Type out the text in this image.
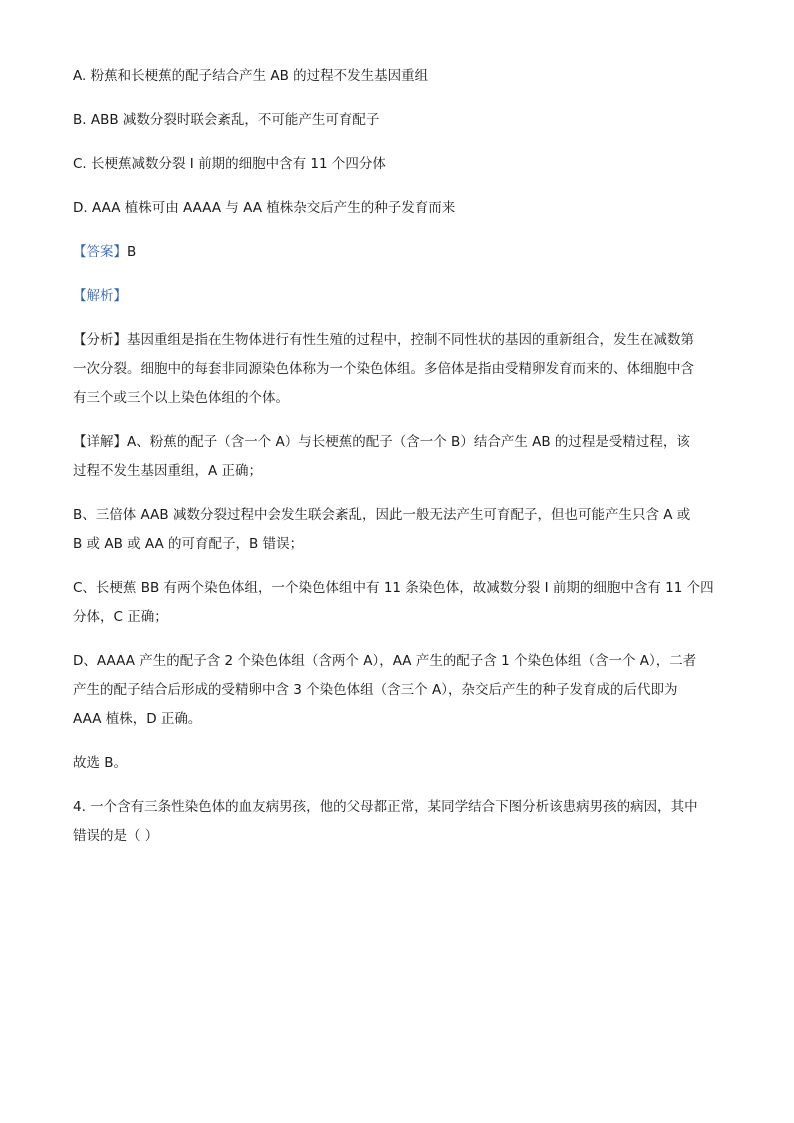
A. 粉蕉和长梗蕉的配子结合产生 AB 的过程不发生基因重组
B. ABB 减数分裂时联会紊乱，不可能产生可育配子
C. 长梗蕉减数分裂 I 前期的细胞中含有 11 个四分体
D. AAA 植株可由 AAAA 与 AA 植株杂交后产生的种子发育而来
【答案】B
【解析】
【分析】基因重组是指在生物体进行有性生殖的过程中，控制不同性状的基因的重新组合，发生在减数第
一次分裂。细胞中的每套非同源染色体称为一个染色体组。多倍体是指由受精卵发育而来的、体细胞中含
有三个或三个以上染色体组的个体。
【详解】A、粉蕉的配子（含一个 A）与长梗蕉的配子（含一个 B）结合产生 AB 的过程是受精过程，该
过程不发生基因重组，A 正确；
B、三倍体 AAB 减数分裂过程中会发生联会紊乱，因此一般无法产生可育配子，但也可能产生只含 A 或
B 或 AB 或 AA 的可育配子，B 错误；
C、长梗蕉 BB 有两个染色体组，一个染色体组中有 11 条染色体，故减数分裂 I 前期的细胞中含有 11 个四
分体，C 正确；
D、AAAA 产生的配子含 2 个染色体组（含两个 A），AA 产生的配子含 1 个染色体组（含一个 A），二者
产生的配子结合后形成的受精卵中含 3 个染色体组（含三个 A），杂交后产生的种子发育成的后代即为
AAA 植株，D 正确。
故选 B。
4. 一个含有三条性染色体的血友病男孩，他的父母都正常，某同学结合下图分析该患病男孩的病因，其中
错误的是（ ）
